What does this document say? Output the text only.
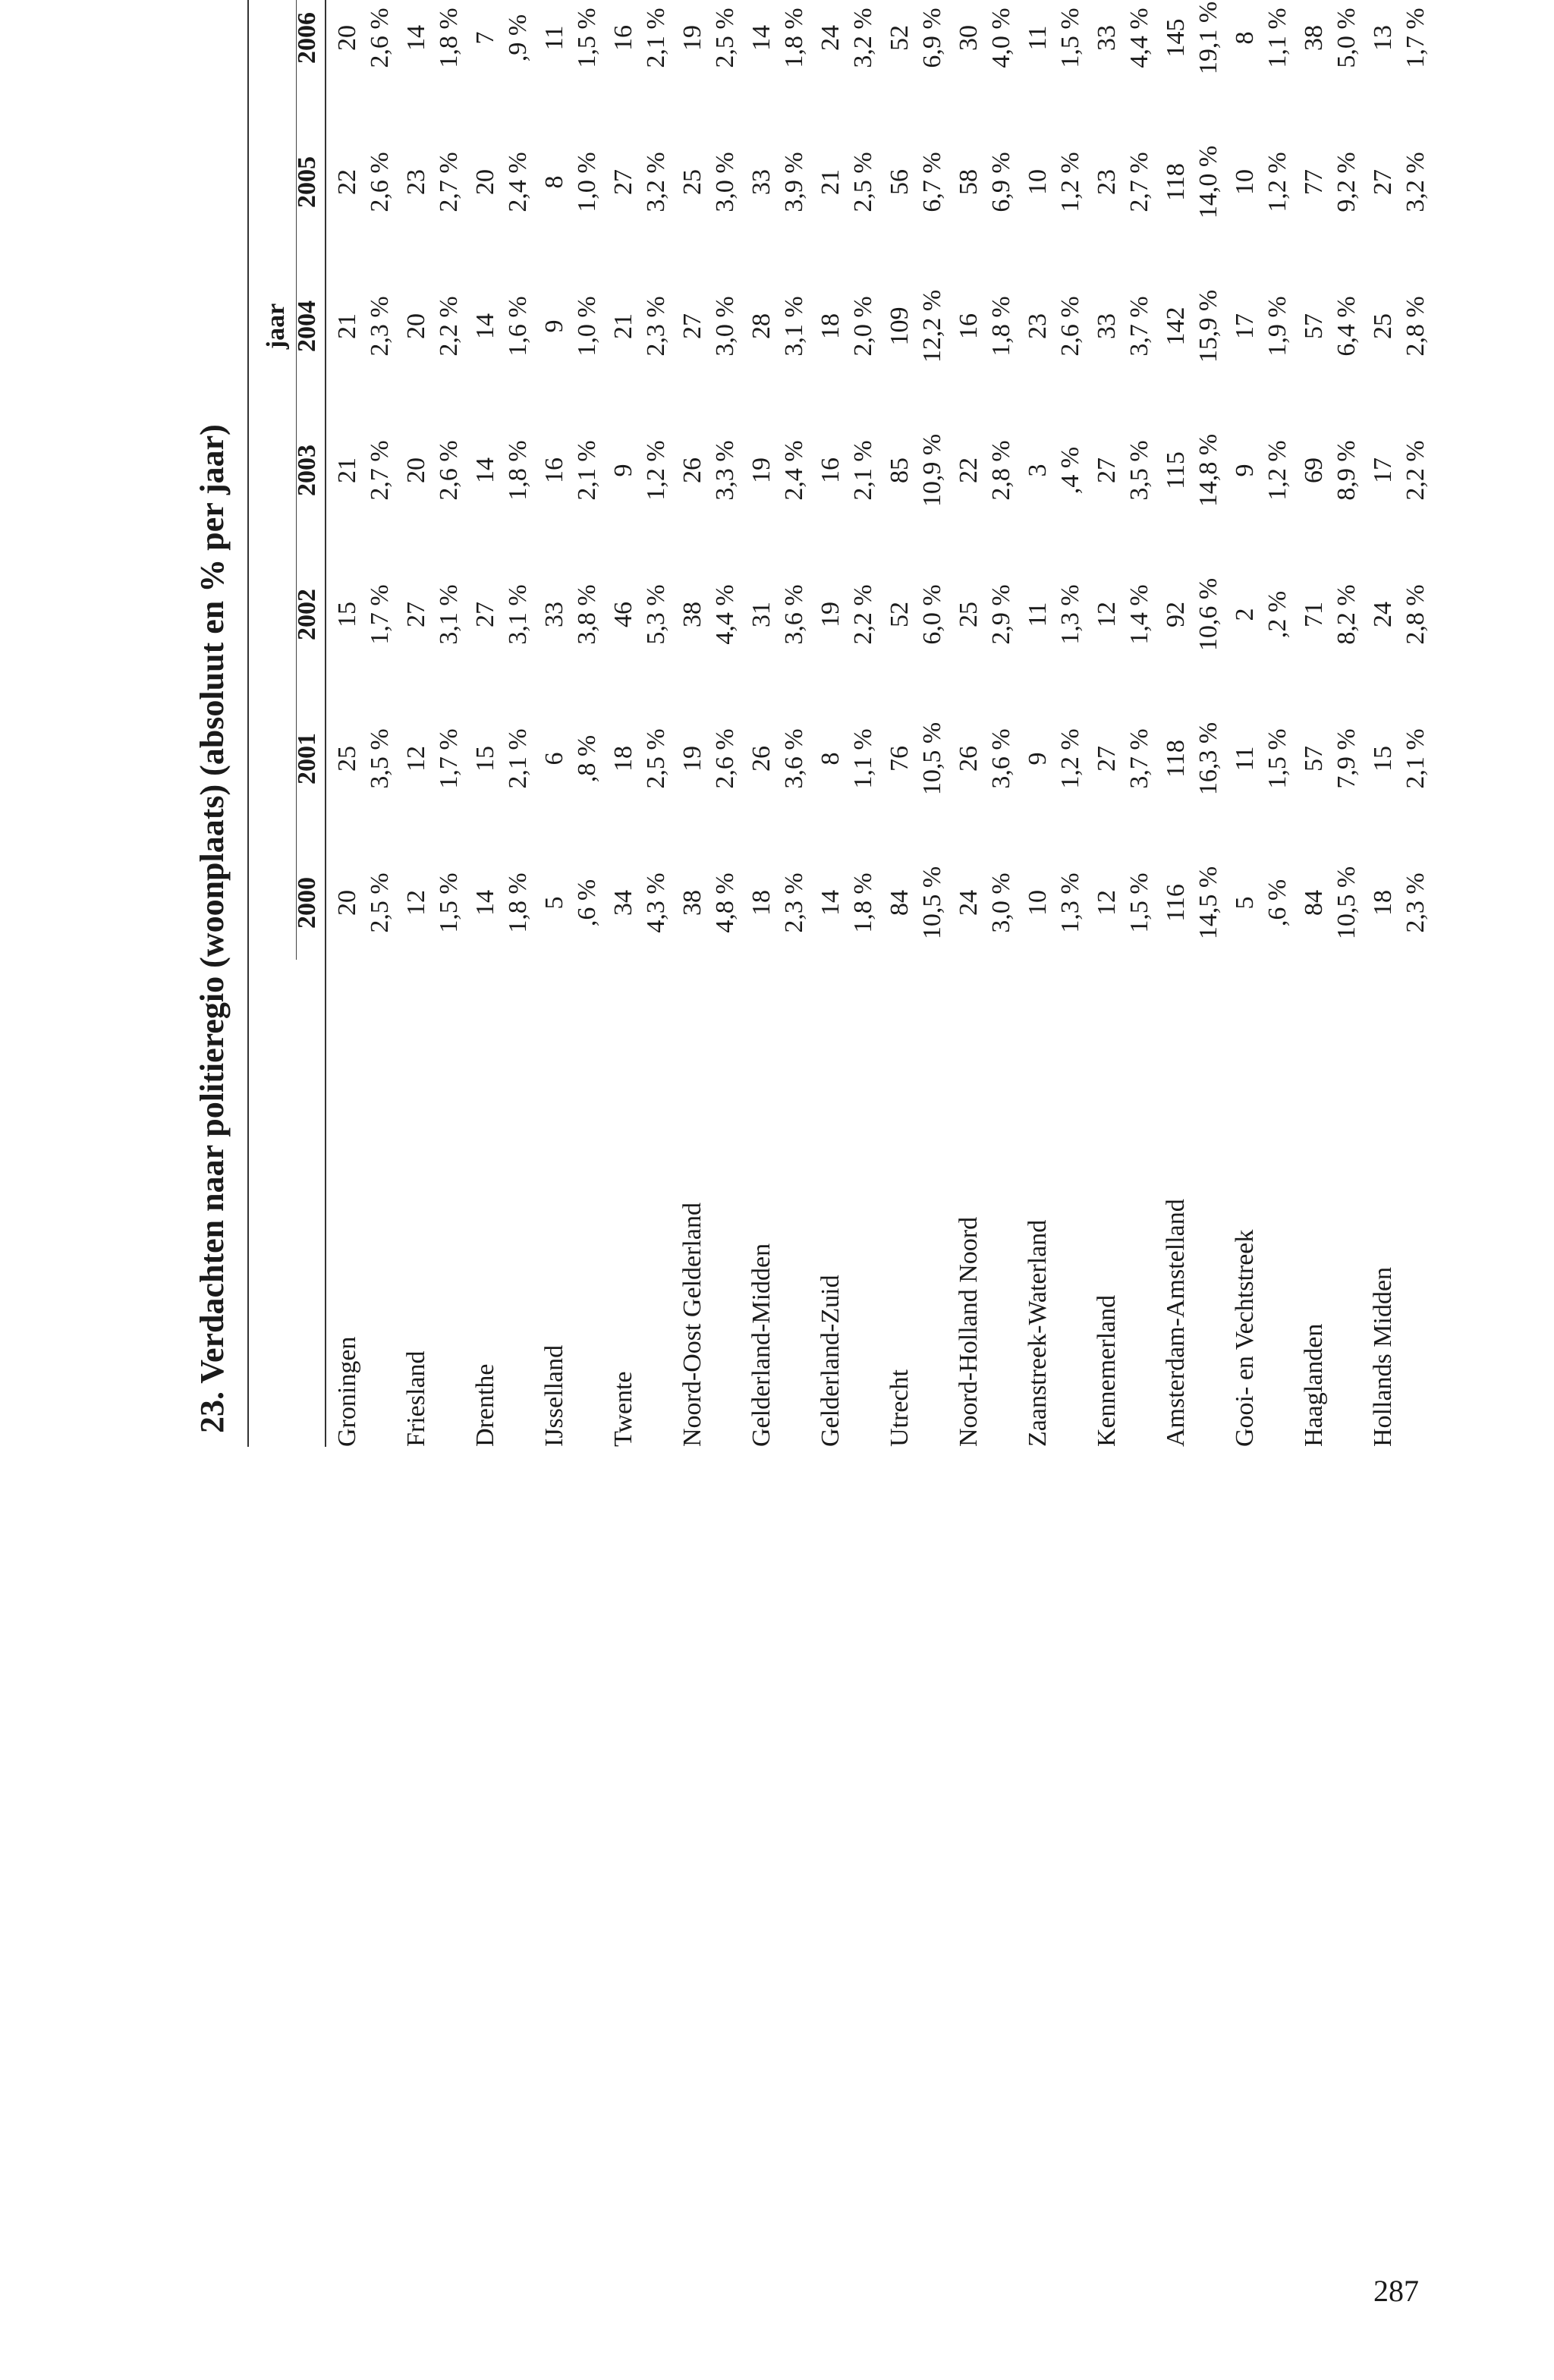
23. Verdachten naar politieregio (woonplaats) (absoluut en % per jaar)
jaar
2000
2001
2002
2003
2004
2005
2006
Groningen
20
25
15
21
21
22
20
2,5 %
3,5 %
1,7 %
2,7 %
2,3 %
2,6 %
2,6 %
Friesland
12
12
27
20
20
23
14
1,5 %
1,7 %
3,1 %
2,6 %
2,2 %
2,7 %
1,8 %
Drenthe
14
15
27
14
14
20
7
1,8 %
2,1 %
3,1 %
1,8 %
1,6 %
2,4 %
,9 %
IJsselland
5
6
33
16
9
8
11
,6 %
,8 %
3,8 %
2,1 %
1,0 %
1,0 %
1,5 %
Twente
34
18
46
9
21
27
16
4,3 %
2,5 %
5,3 %
1,2 %
2,3 %
3,2 %
2,1 %
Noord-Oost Gelderland
38
19
38
26
27
25
19
4,8 %
2,6 %
4,4 %
3,3 %
3,0 %
3,0 %
2,5 %
Gelderland-Midden
18
26
31
19
28
33
14
2,3 %
3,6 %
3,6 %
2,4 %
3,1 %
3,9 %
1,8 %
Gelderland-Zuid
14
8
19
16
18
21
24
1,8 %
1,1 %
2,2 %
2,1 %
2,0 %
2,5 %
3,2 %
Utrecht
84
76
52
85
109
56
52
10,5 %
10,5 %
6,0 %
10,9 %
12,2 %
6,7 %
6,9 %
Noord-Holland Noord
24
26
25
22
16
58
30
3,0 %
3,6 %
2,9 %
2,8 %
1,8 %
6,9 %
4,0 %
Zaanstreek-Waterland
10
9
11
3
23
10
11
1,3 %
1,2 %
1,3 %
,4 %
2,6 %
1,2 %
1,5 %
Kennemerland
12
27
12
27
33
23
33
1,5 %
3,7 %
1,4 %
3,5 %
3,7 %
2,7 %
4,4 %
Amsterdam-Amstelland
116
118
92
115
142
118
145
14,5 %
16,3 %
10,6 %
14,8 %
15,9 %
14,0 %
19,1 %
Gooi- en Vechtstreek
5
11
2
9
17
10
8
,6 %
1,5 %
,2 %
1,2 %
1,9 %
1,2 %
1,1 %
Haaglanden
84
57
71
69
57
77
38
10,5 %
7,9 %
8,2 %
8,9 %
6,4 %
9,2 %
5,0 %
Hollands Midden
18
15
24
17
25
27
13
2,3 %
2,1 %
2,8 %
2,2 %
2,8 %
3,2 %
1,7 %
287
